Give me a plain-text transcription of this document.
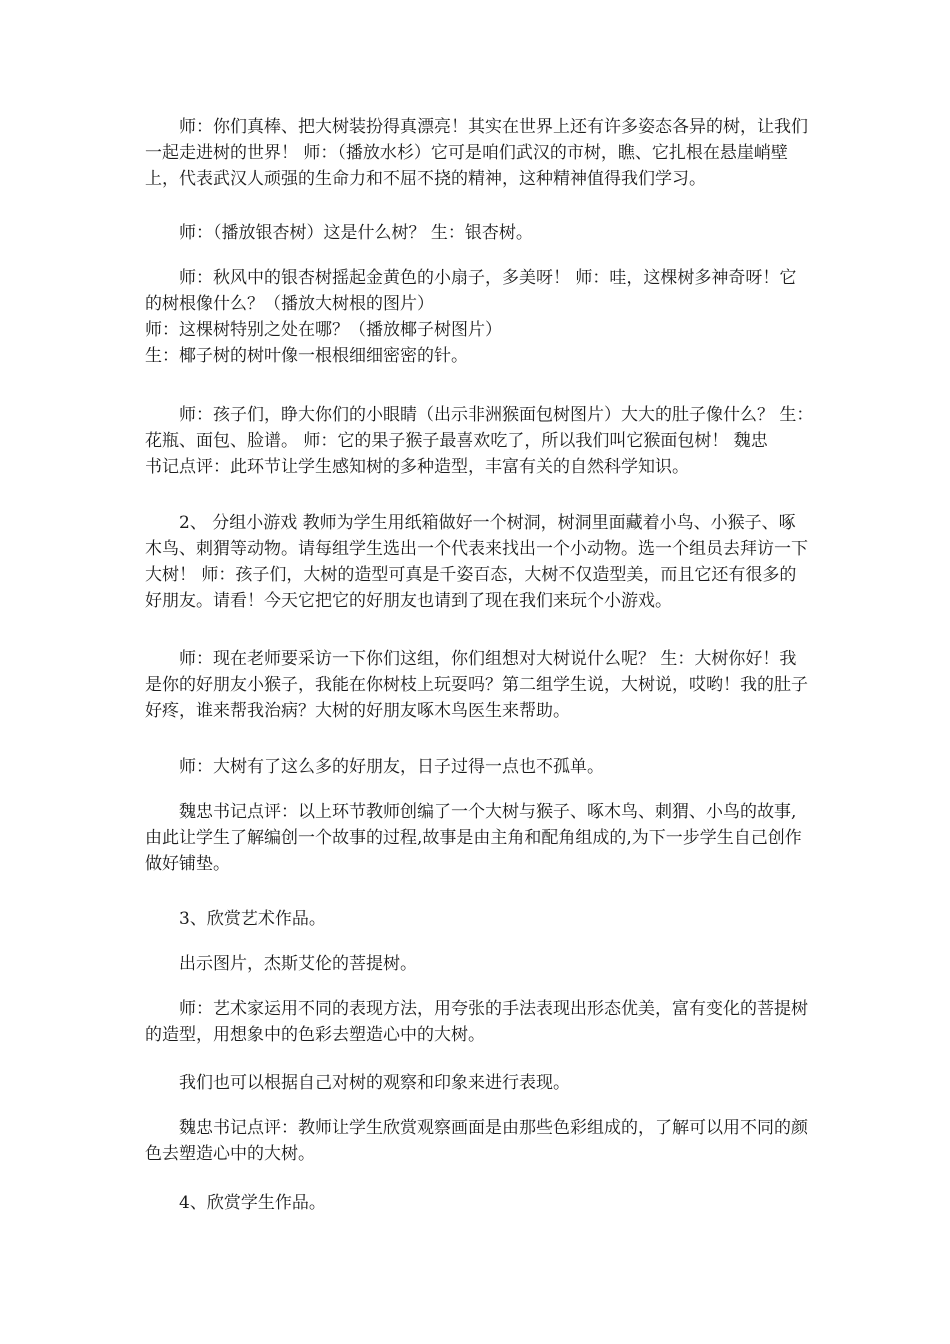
师：你们真棒、把大树装扮得真漂亮！其实在世界上还有许多姿态各异的树，让我们
一起走进树的世界！ 师：（播放水杉）它可是咱们武汉的市树，瞧、它扎根在悬崖峭壁
上，代表武汉人顽强的生命力和不屈不挠的精神，这种精神值得我们学习。

师：（播放银杏树）这是什么树？ 生：银杏树。

师：秋风中的银杏树摇起金黄色的小扇子，多美呀！ 师：哇，这棵树多神奇呀！它
的树根像什么？（播放大树根的图片）
师：这棵树特别之处在哪？（播放椰子树图片）
生：椰子树的树叶像一根根细细密密的针。

师：孩子们，睁大你们的小眼睛（出示非洲猴面包树图片）大大的肚子像什么？ 生：
花瓶、面包、脸谱。 师：它的果子猴子最喜欢吃了，所以我们叫它猴面包树！ 魏忠
书记点评：此环节让学生感知树的多种造型，丰富有关的自然科学知识。

2、 分组小游戏 教师为学生用纸箱做好一个树洞，树洞里面藏着小鸟、小猴子、啄
木鸟、刺猬等动物。请每组学生选出一个代表来找出一个小动物。选一个组员去拜访一下
大树！ 师：孩子们，大树的造型可真是千姿百态，大树不仅造型美，而且它还有很多的
好朋友。请看！今天它把它的好朋友也请到了现在我们来玩个小游戏。

师：现在老师要采访一下你们这组，你们组想对大树说什么呢？ 生：大树你好！我
是你的好朋友小猴子，我能在你树枝上玩耍吗？第二组学生说，大树说，哎哟！我的肚子
好疼，谁来帮我治病？大树的好朋友啄木鸟医生来帮助。

师：大树有了这么多的好朋友，日子过得一点也不孤单。

魏忠书记点评：以上环节教师创编了一个大树与猴子、啄木鸟、刺猬、小鸟的故事,
由此让学生了解编创一个故事的过程,故事是由主角和配角组成的,为下一步学生自己创作
做好铺垫。

3、欣赏艺术作品。

出示图片，杰斯艾伦的菩提树。

师：艺术家运用不同的表现方法，用夸张的手法表现出形态优美，富有变化的菩提树
的造型，用想象中的色彩去塑造心中的大树。

我们也可以根据自己对树的观察和印象来进行表现。

魏忠书记点评：教师让学生欣赏观察画面是由那些色彩组成的，了解可以用不同的颜
色去塑造心中的大树。

4、欣赏学生作品。
